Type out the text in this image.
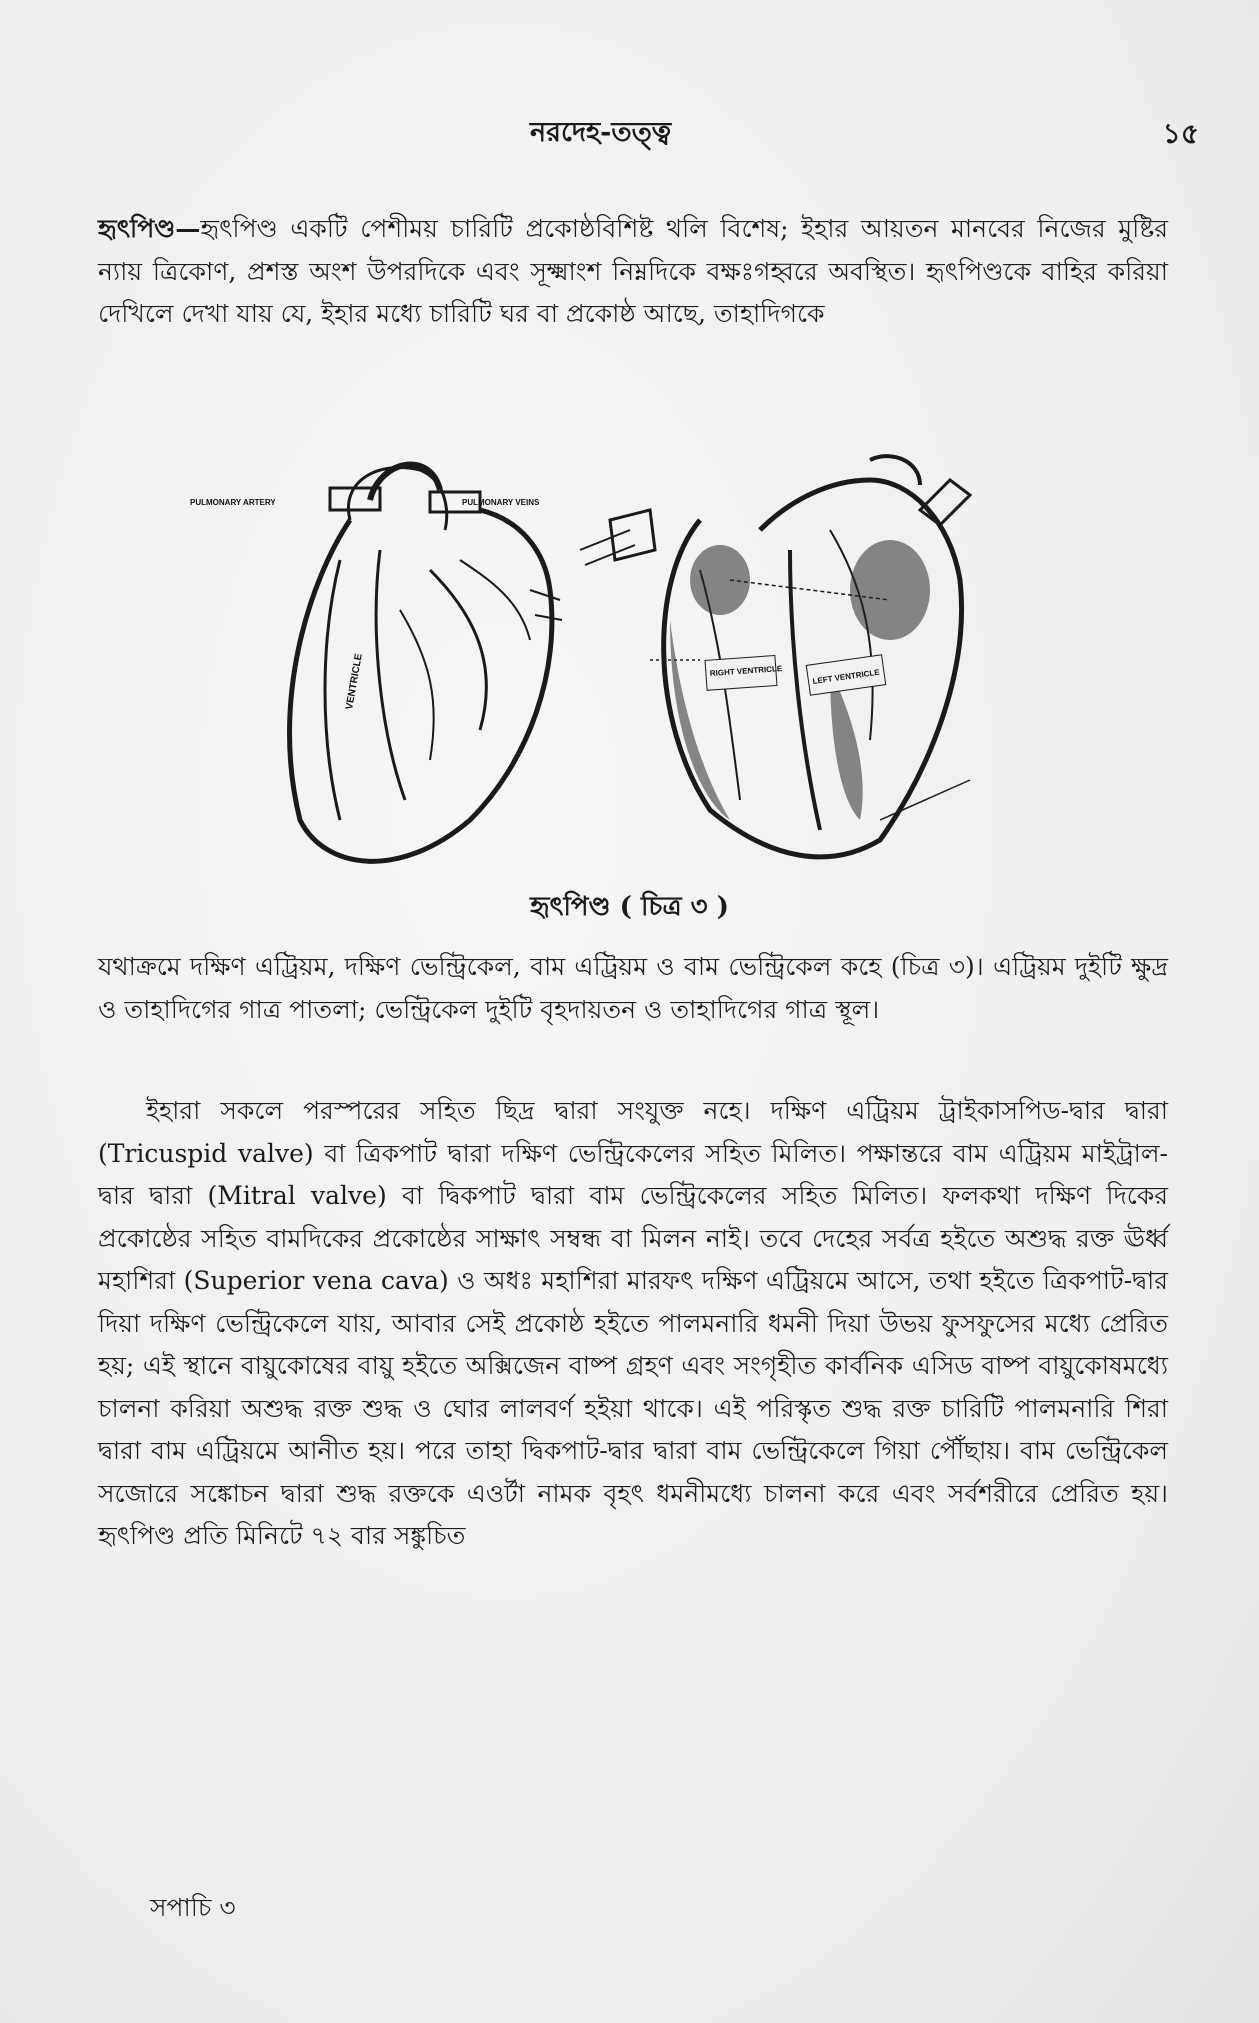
নরদেহ-তত্ত্ব	১৫

হৃৎপিণ্ড—হৃৎপিণ্ড একটি পেশীময় চারিটি প্রকোষ্ঠবিশিষ্ট থলি বিশেষ; ইহার আয়তন মানবের নিজের মুষ্টির ন্যায় ত্রিকোণ, প্রশস্ত অংশ উপরদিকে এবং সূক্ষ্মাংশ নিম্নদিকে বক্ষঃগহ্বরে অবস্থিত। হৃৎপিণ্ডকে বাহির করিয়া দেখিলে দেখা যায় যে, ইহার মধ্যে চারিটি ঘর বা প্রকোষ্ঠ আছে, তাহাদিগকে

PULMONARY ARTERY	PULMONARY VEINS
VENTRICLE	RIGHT VENTRICLE	LEFT VENTRICLE
হৃৎপিণ্ড ( চিত্র ৩ )

যথাক্রমে দক্ষিণ এট্রিয়ম, দক্ষিণ ভেন্ট্রিকেল, বাম এট্রিয়ম ও বাম ভেন্ট্রিকেল কহে (চিত্র ৩)। এট্রিয়ম দুইটি ক্ষুদ্র ও তাহাদিগের গাত্র পাতলা; ভেন্ট্রিকেল দুইটি বৃহদায়তন ও তাহাদিগের গাত্র স্থূল।

ইহারা সকলে পরস্পরের সহিত ছিদ্র দ্বারা সংযুক্ত নহে। দক্ষিণ এট্রিয়ম ট্রাইকাসপিড-দ্বার দ্বারা (Tricuspid valve) বা ত্রিকপাট দ্বারা দক্ষিণ ভেন্ট্রিকেলের সহিত মিলিত। পক্ষান্তরে বাম এট্রিয়ম মাইট্রাল-দ্বার দ্বারা (Mitral valve) বা দ্বিকপাট দ্বারা বাম ভেন্ট্রিকেলের সহিত মিলিত। ফলকথা দক্ষিণ দিকের প্রকোষ্ঠের সহিত বামদিকের প্রকোষ্ঠের সাক্ষাৎ সম্বন্ধ বা মিলন নাই। তবে দেহের সর্বত্র হইতে অশুদ্ধ রক্ত ঊর্ধ্ব মহাশিরা (Superior vena cava) ও অধঃ মহাশিরা মারফৎ দক্ষিণ এট্রিয়মে আসে, তথা হইতে ত্রিকপাট-দ্বার দিয়া দক্ষিণ ভেন্ট্রিকেলে যায়, আবার সেই প্রকোষ্ঠ হইতে পালমনারি ধমনী দিয়া উভয় ফুসফুসের মধ্যে প্রেরিত হয়; এই স্থানে বায়ুকোষের বায়ু হইতে অক্সিজেন বাষ্প গ্রহণ এবং সংগৃহীত কার্বনিক এসিড বাষ্প বায়ুকোষমধ্যে চালনা করিয়া অশুদ্ধ রক্ত শুদ্ধ ও ঘোর লালবর্ণ হইয়া থাকে। এই পরিস্কৃত শুদ্ধ রক্ত চারিটি পালমনারি শিরা দ্বারা বাম এট্রিয়মে আনীত হয়। পরে তাহা দ্বিকপাট-দ্বার দ্বারা বাম ভেন্ট্রিকেলে গিয়া পৌঁছায়। বাম ভেন্ট্রিকেল সজোরে সঙ্কোচন দ্বারা শুদ্ধ রক্তকে এওর্টা নামক বৃহৎ ধমনীমধ্যে চালনা করে এবং সর্বশরীরে প্রেরিত হয়। হৃৎপিণ্ড প্রতি মিনিটে ৭২ বার সঙ্কুচিত

সপাচি ৩
